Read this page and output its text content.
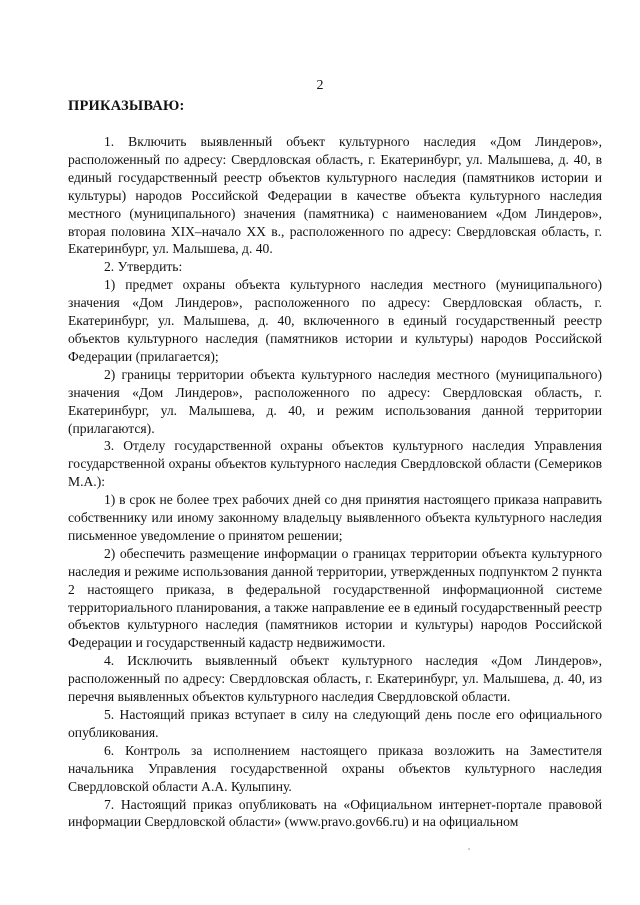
2
ПРИКАЗЫВАЮ:

1. Включить выявленный объект культурного наследия «Дом Линдеров», расположенный по адресу: Свердловская область, г. Екатеринбург, ул. Малышева, д. 40, в единый государственный реестр объектов культурного наследия (памятников истории и культуры) народов Российской Федерации в качестве объекта культурного наследия местного (муниципального) значения (памятника) с наименованием «Дом Линдеров», вторая половина XIX–начало XX в., расположенного по адресу: Свердловская область, г. Екатеринбург, ул. Малышева, д. 40.

2. Утвердить:

1) предмет охраны объекта культурного наследия местного (муниципального) значения «Дом Линдеров», расположенного по адресу: Свердловская область, г. Екатеринбург, ул. Малышева, д. 40, включенного в единый государственный реестр объектов культурного наследия (памятников истории и культуры) народов Российской Федерации (прилагается);

2) границы территории объекта культурного наследия местного (муниципального) значения «Дом Линдеров», расположенного по адресу: Свердловская область, г. Екатеринбург, ул. Малышева, д. 40, и режим использования данной территории (прилагаются).

3. Отделу государственной охраны объектов культурного наследия Управления государственной охраны объектов культурного наследия Свердловской области (Семериков М.А.):

1) в срок не более трех рабочих дней со дня принятия настоящего приказа направить собственнику или иному законному владельцу выявленного объекта культурного наследия письменное уведомление о принятом решении;

2) обеспечить размещение информации о границах территории объекта культурного наследия и режиме использования данной территории, утвержденных подпунктом 2 пункта 2 настоящего приказа, в федеральной государственной информационной системе территориального планирования, а также направление ее в единый государственный реестр объектов культурного наследия (памятников истории и культуры) народов Российской Федерации и государственный кадастр недвижимости.

4. Исключить выявленный объект культурного наследия «Дом Линдеров», расположенный по адресу: Свердловская область, г. Екатеринбург, ул. Малышева, д. 40, из перечня выявленных объектов культурного наследия Свердловской области.

5. Настоящий приказ вступает в силу на следующий день после его официального опубликования.

6. Контроль за исполнением настоящего приказа возложить на Заместителя начальника Управления государственной охраны объектов культурного наследия Свердловской области А.А. Кулыпину.

7. Настоящий приказ опубликовать на «Официальном интернет-портале правовой информации Свердловской области» (www.pravo.gov66.ru) и на официальном
